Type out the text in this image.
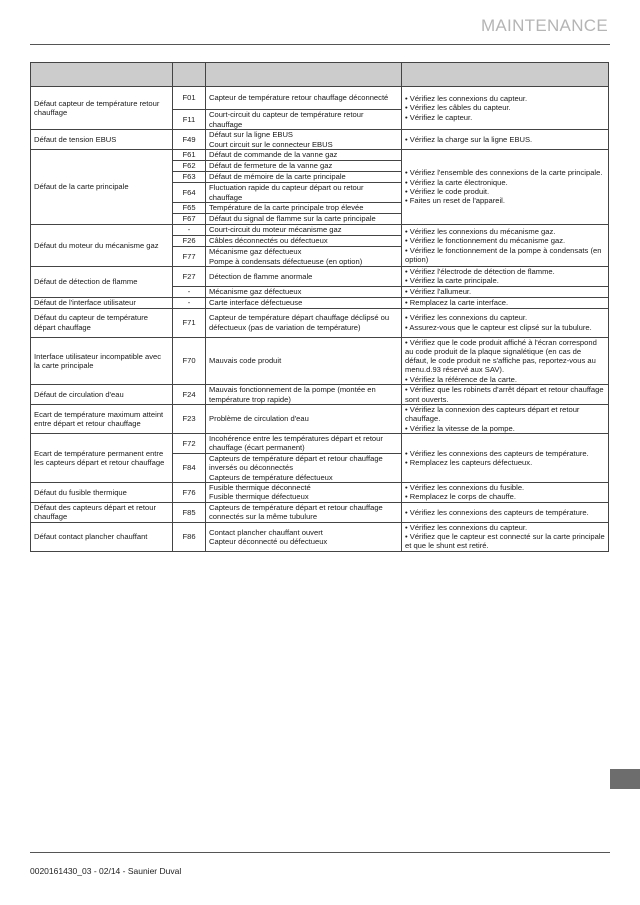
MAINTENANCE

Défaut capteur de température retour chauffage	F01	Capteur de température retour chauffage déconnecté	• Vérifiez les connexions du capteur.
• Vérifiez les câbles du capteur.
• Vérifiez le capteur.

	F11	Court-circuit du capteur de température retour chauffage	

Défaut de tension EBUS	F49	Défaut sur la ligne EBUS
Court circuit sur le connecteur EBUS	• Vérifiez la charge sur la ligne EBUS.

Défaut de la carte principale	F61	Défaut de commande de la vanne gaz	• Vérifiez l'ensemble des connexions de la carte principale.
• Vérifiez la carte électronique.
• Vérifiez le code produit.
• Faites un reset de l'appareil.

	F62	Défaut de fermeture de la vanne gaz	

	F63	Défaut de mémoire de la carte principale	

	F64	Fluctuation rapide du capteur départ ou retour chauffage	

	F65	Température de la carte principale trop élevée	

	F67	Défaut du signal de flamme sur la carte principale	

Défaut du moteur du mécanisme gaz	-	Court-circuit du moteur mécanisme gaz	• Vérifiez les connexions du mécanisme gaz.
• Vérifiez le fonctionnement du mécanisme gaz.
• Vérifiez le fonctionnement de la pompe à condensats (en option)

	F26	Câbles déconnectés ou défectueux	

	F77	Mécanisme gaz défectueux
Pompe à condensats défectueuse (en option)	

Défaut de détection de flamme	F27	Détection de flamme anormale	• Vérifiez l'électrode de détection de flamme.
• Vérifiez la carte principale.

	-	Mécanisme gaz défectueux	• Vérifiez l'allumeur.

Défaut de l'interface utilisateur	-	Carte interface défectueuse	• Remplacez la carte interface.

Défaut du capteur de température départ chauffage	F71	Capteur de température départ chauffage déclipsé ou défectueux (pas de variation de température)	• Vérifiez les connexions du capteur.
• Assurez-vous que le capteur est clipsé sur la tubulure.

Interface utilisateur incompatible avec la carte principale	F70	Mauvais code produit	• Vérifiez que le code produit affiché à l'écran correspond au code produit de la plaque signalétique (en cas de défaut, le code produit ne s'affiche pas, reportez-vous au menu.d.93 réservé aux SAV).
• Vérifiez la référence de la carte.

Défaut de circulation d'eau	F24	Mauvais fonctionnement de la pompe (montée en température trop rapide)	• Vérifiez que les robinets d'arrêt départ et retour chauffage sont ouverts.

Ecart de température maximum atteint entre départ et retour chauffage	F23	Problème de circulation d'eau	• Vérifiez la connexion des capteurs départ et retour chauffage.
• Vérifiez la vitesse de la pompe.

Ecart de température permanent entre les capteurs départ et retour chauffage	F72	Incohérence entre les températures départ et retour chauffage (écart permanent)	• Vérifiez les connexions des capteurs de température.
• Remplacez les capteurs défectueux.

	F84	Capteurs de température départ et retour chauffage inversés ou déconnectés
Capteurs de température défectueux	

Défaut du fusible thermique	F76	Fusible thermique déconnecté
Fusible thermique défectueux	• Vérifiez les connexions du fusible.
• Remplacez le corps de chauffe.

Défaut des capteurs départ et retour chauffage	F85	Capteurs de température départ et retour chauffage connectés sur la même tubulure	• Vérifiez les connexions des capteurs de température.

Défaut contact plancher chauffant	F86	Contact plancher chauffant ouvert
Capteur déconnecté ou défectueux	• Vérifiez les connexions du capteur.
• Vérifiez que le capteur est connecté sur la carte principale et que le shunt est retiré.
0020161430_03 - 02/14 - Saunier Duval
